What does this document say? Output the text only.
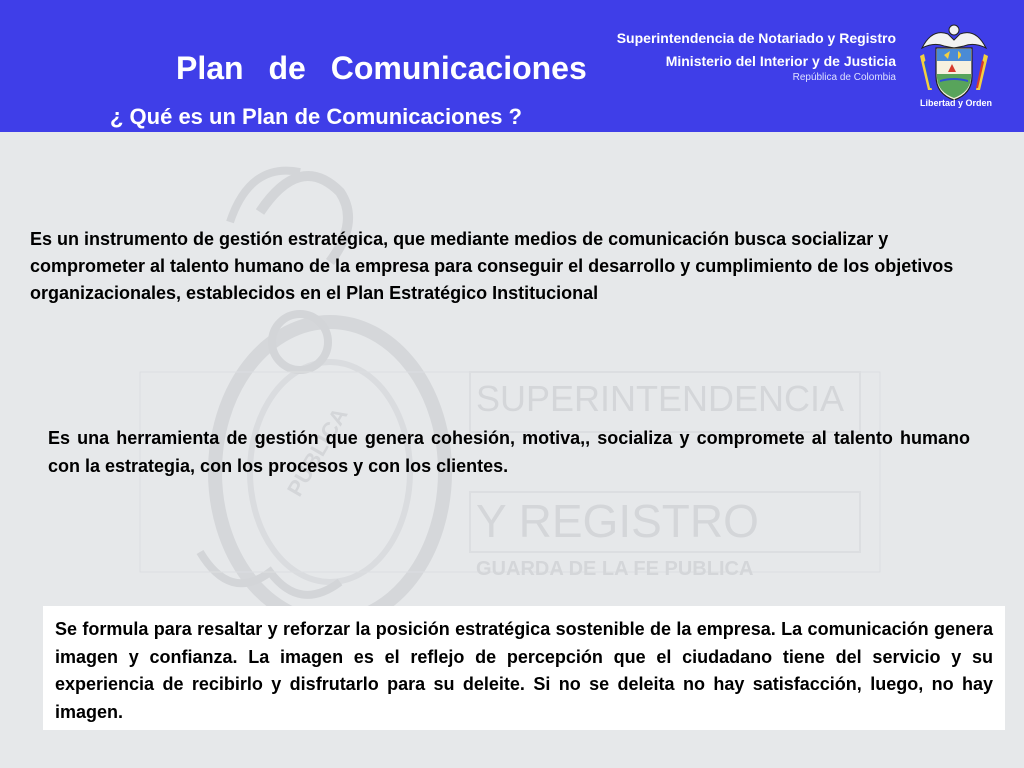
Plan de Comunicaciones
¿ Qué es un Plan de Comunicaciones ?
Superintendencia de Notariado y Registro
Ministerio del Interior y de Justicia
República de Colombia
Libertad y Orden
SUPERINTENDENCIA
Y REGISTRO
GUARDA DE LA FE PUBLICA
PUBLICA
Es un instrumento de gestión estratégica, que mediante medios de comunicación busca socializar y comprometer al talento humano de la empresa para conseguir el desarrollo y cumplimiento de los objetivos organizacionales, establecidos en el Plan Estratégico Institucional
Es una herramienta de gestión que genera cohesión, motiva,, socializa y compromete al talento humano con la estrategia, con los procesos y con los clientes.
Se formula para resaltar y reforzar la posición estratégica sostenible de la empresa. La comunicación genera imagen y confianza. La imagen es el reflejo de percepción que el ciudadano tiene del servicio y su experiencia de recibirlo y disfrutarlo para su deleite. Si no se deleita no hay satisfacción, luego, no hay imagen.
